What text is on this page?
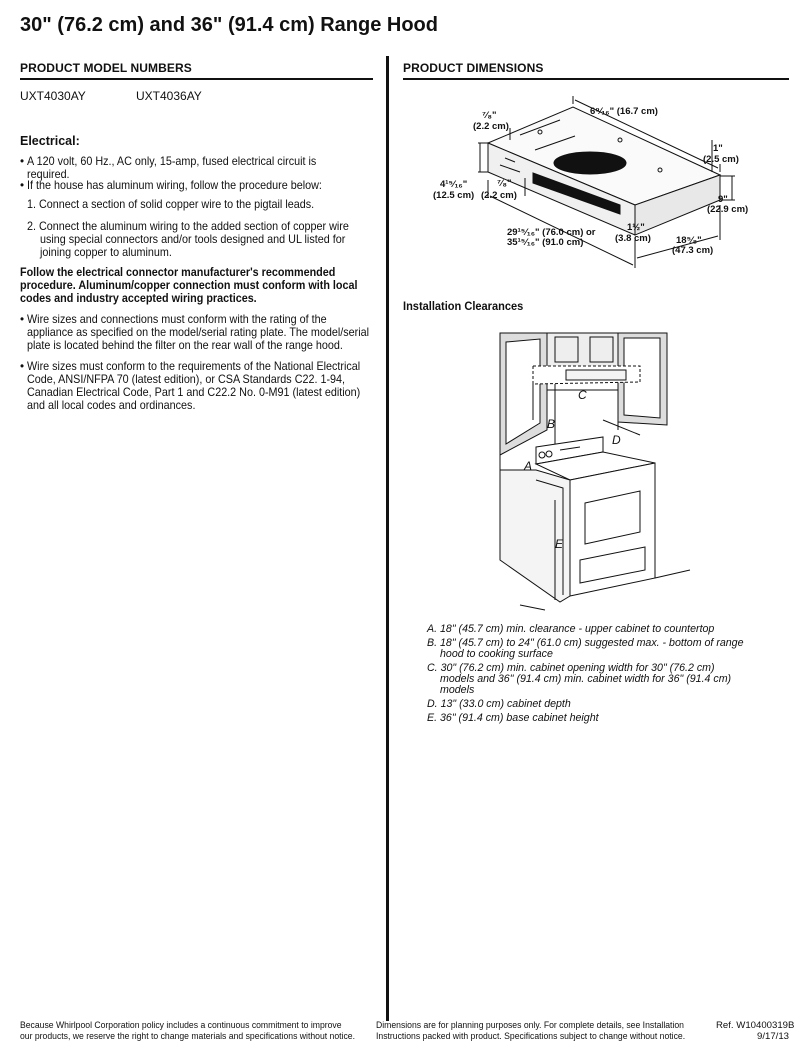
30" (76.2 cm) and 36" (91.4 cm) Range Hood
PRODUCT MODEL NUMBERS	PRODUCT DIMENSIONS
UXT4030AY	UXT4036AY
Electrical:
• A 120 volt, 60 Hz., AC only, 15-amp, fused electrical circuit is required.
• If the house has aluminum wiring, follow the procedure below:
1. Connect a section of solid copper wire to the pigtail leads.
2. Connect the aluminum wiring to the added section of copper wire
using special connectors and/or tools designed and UL listed for
joining copper to aluminum.
Follow the electrical connector manufacturer's recommended
procedure. Aluminum/copper connection must conform with local
codes and industry accepted wiring practices.
• Wire sizes and connections must conform with the rating of the
appliance as specified on the model/serial rating plate. The model/serial
plate is located behind the filter on the rear wall of the range hood.
• Wire sizes must conform to the requirements of the National Electrical
Code, ANSI/NFPA 70 (latest edition), or CSA Standards C22. 1-94,
Canadian Electrical Code, Part 1 and C22.2 No. 0-M91 (latest edition)
and all local codes and ordinances.
6⁹⁄₁₆" (16.7 cm)
⁷⁄₈"
(2.2 cm)
1"
(2.5 cm)
4¹⁵⁄₁₆"
(12.5 cm)
⁷⁄₈"
(2.2 cm)	9"
(22.9 cm)
29¹⁵⁄₁₆" (76.0 cm) or
35¹⁵⁄₁₆" (91.0 cm)
1½"
(3.8 cm)	18⁵⁄₈"
(47.3 cm)
Installation Clearances
C
B
D
A
E
A. 18" (45.7 cm) min. clearance - upper cabinet to countertop
B. 18" (45.7 cm) to 24" (61.0 cm) suggested max. - bottom of range
hood to cooking surface
C. 30" (76.2 cm) min. cabinet opening width for 30" (76.2 cm)
models and 36" (91.4 cm) min. cabinet width for 36" (91.4 cm)
models
D. 13" (33.0 cm) cabinet depth
E. 36" (91.4 cm) base cabinet height
Because Whirlpool Corporation policy includes a continuous commitment to improve
our products, we reserve the right to change materials and specifications without notice.
Dimensions are for planning purposes only. For complete details, see Installation
Instructions packed with product. Specifications subject to change without notice.
Ref. W10400319B
9/17/13
